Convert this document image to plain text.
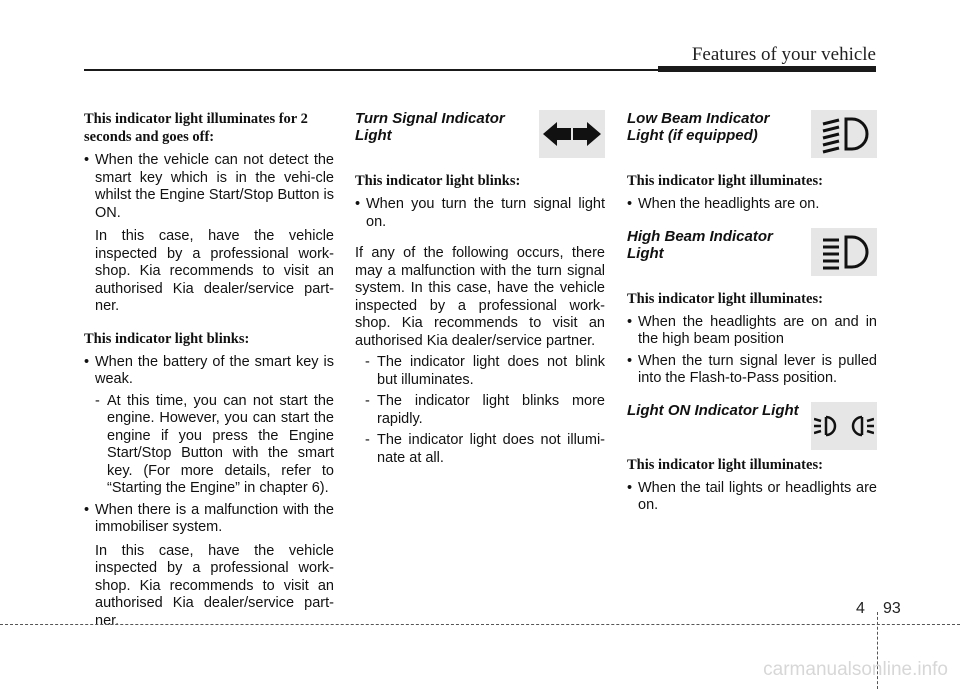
Features of your vehicle

This indicator light illuminates for 2 seconds and goes off:

• When the vehicle can not detect the smart key which is in the vehi-cle whilst the Engine Start/Stop Button is ON.

In this case, have the vehicle inspected by a professional work-shop. Kia recommends to visit an authorised Kia dealer/service part-ner.

This indicator light blinks:

• When the battery of the smart key is weak.
- At this time, you can not start the engine. However, you can start the engine if you press the Engine Start/Stop Button with the smart key. (For more details, refer to “Starting the Engine” in chapter 6).
• When there is a malfunction with the immobiliser system.

In this case, have the vehicle inspected by a professional work-shop. Kia recommends to visit an authorised Kia dealer/service part-ner.

Turn Signal Indicator Light

This indicator light blinks:

• When you turn the turn signal light on.

If any of the following occurs, there may a malfunction with the turn signal system. In this case, have the vehicle inspected by a professional work-shop. Kia recommends to visit an authorised Kia dealer/service partner.

- The indicator light does not blink but illuminates.
- The indicator light blinks more rapidly.
- The indicator light does not illumi-nate at all.
Low Beam Indicator Light (if equipped)

This indicator light illuminates:

• When the headlights are on.
High Beam Indicator Light

This indicator light illuminates:

• When the headlights are on and in the high beam position
• When the turn signal lever is pulled into the Flash-to-Pass position.
Light ON Indicator Light

This indicator light illuminates:

• When the tail lights or headlights are on.
4 93
carmanualsonline.info
